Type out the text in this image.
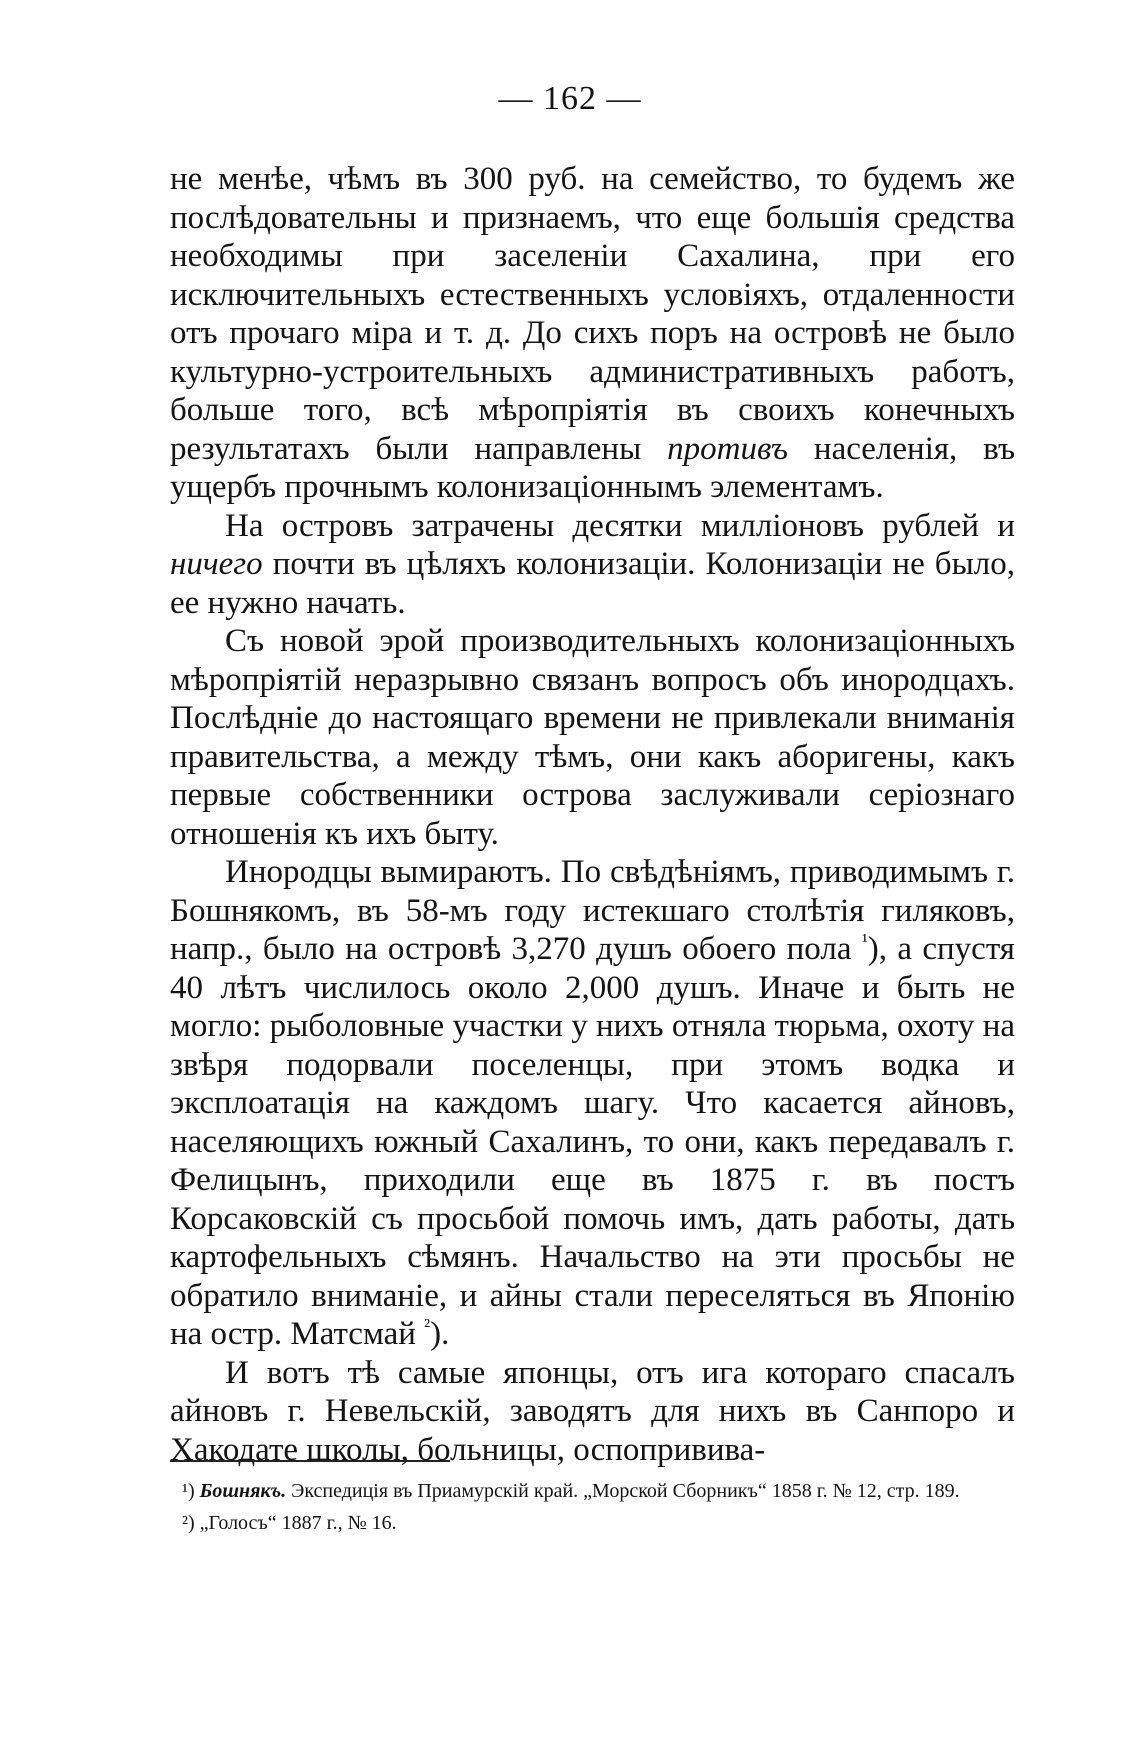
— 162 —

не менѣе, чѣмъ въ 300 руб. на семейство, то будемъ же послѣдовательны и признаемъ, что еще большія средства необходимы при заселеніи Сахалина, при его исключительныхъ естественныхъ условіяхъ, отдаленности отъ прочаго міра и т. д. До сихъ поръ на островѣ не было культурно-устроительныхъ административныхъ работъ, больше того, всѣ мѣропріятія въ своихъ конечныхъ результатахъ были направлены противъ населенія, въ ущербъ прочнымъ колонизаціоннымъ элементамъ.

На островъ затрачены десятки милліоновъ рублей и ничего почти въ цѣляхъ колонизаціи. Колонизаціи не было, ее нужно начать.

Съ новой эрой производительныхъ колонизаціонныхъ мѣропріятій неразрывно связанъ вопросъ объ инородцахъ. Послѣдніе до настоящаго времени не привлекали вниманія правительства, а между тѣмъ, они какъ аборигены, какъ первые собственники острова заслуживали серіознаго отношенія къ ихъ быту.

Инородцы вымираютъ. По свѣдѣніямъ, приводимымъ г. Бошнякомъ, въ 58-мъ году истекшаго столѣтія гиляковъ, напр., было на островѣ 3,270 душъ обоего пола $^{^1}$), а спустя 40 лѣтъ числилось около 2,000 душъ. Иначе и быть не могло: рыболовные участки у нихъ отняла тюрьма, охоту на звѣря подорвали поселенцы, при этомъ водка и эксплоатація на каждомъ шагу. Что касается айновъ, населяющихъ южный Сахалинъ, то они, какъ передавалъ г. Фелицынъ, приходили еще въ 1875 г. въ постъ Корсаковскій съ просьбой помочь имъ, дать работы, дать картофельныхъ сѣмянъ. Начальство на эти просьбы не обратило вниманіе, и айны стали переселяться въ Японію на остр. Матсмай $^{^2}$).

И вотъ тѣ самые японцы, отъ ига котораго спасалъ айновъ г. Невельскій, заводятъ для нихъ въ Санпоро и Хакодате школы, больницы, оспопривива-

¹) Бошнякъ. Экспедиція въ Приамурскій край. „Морской Сборникъ“ 1858 г. № 12, стр. 189.

²) „Голосъ“ 1887 г., № 16.
